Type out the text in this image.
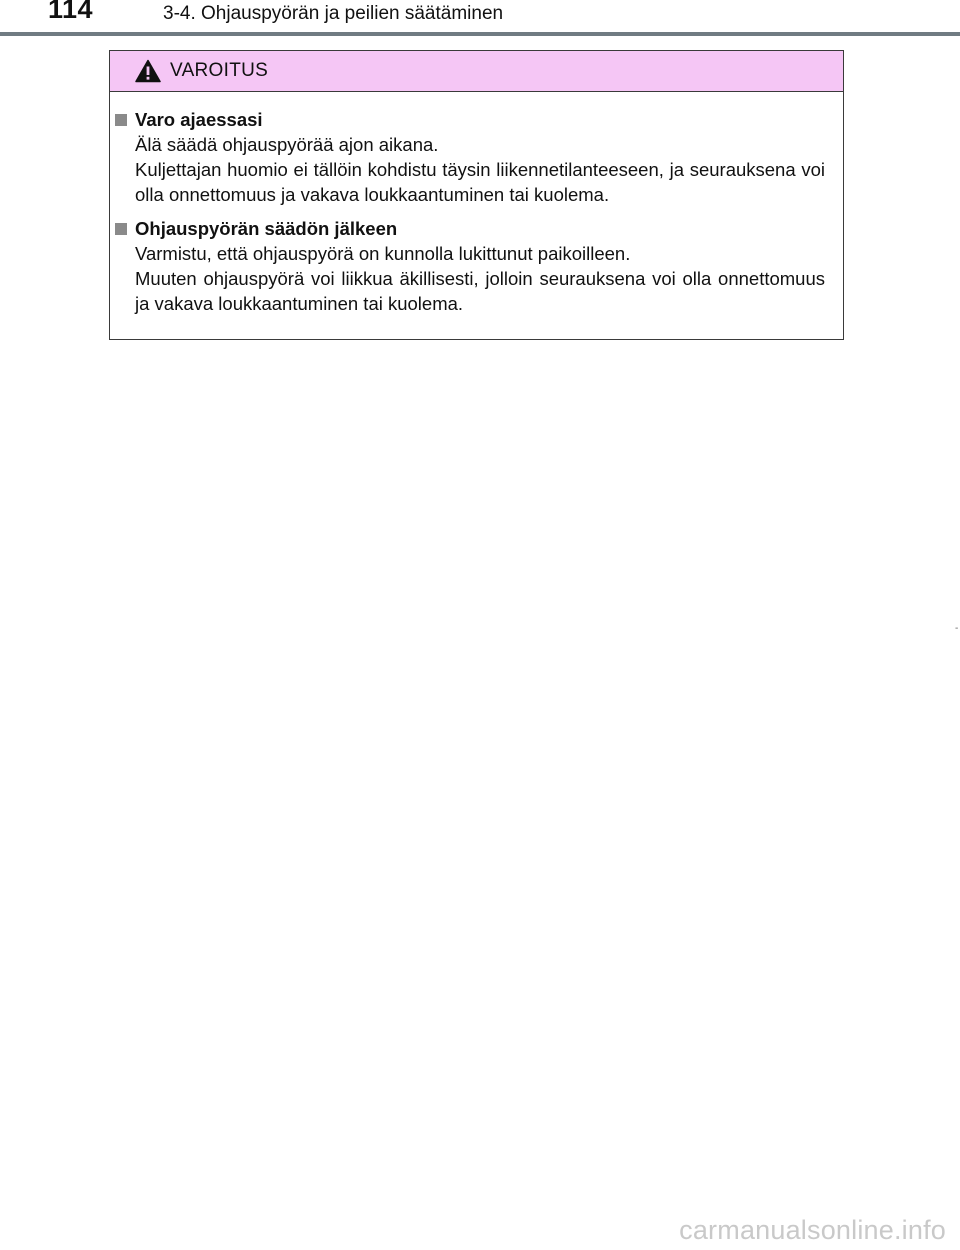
114	3-4. Ohjauspyörän ja peilien säätäminen
VAROITUS
Varo ajaessasi

Älä säädä ohjauspyörää ajon aikana.

Kuljettajan huomio ei tällöin kohdistu täysin liikennetilanteeseen, ja seurauksena voi olla onnettomuus ja vakava loukkaantuminen tai kuolema.

Ohjauspyörän säädön jälkeen

Varmistu, että ohjauspyörä on kunnolla lukittunut paikoilleen.

Muuten ohjauspyörä voi liikkua äkillisesti, jolloin seurauksena voi olla onnettomuus ja vakava loukkaantuminen tai kuolema.

-
carmanualsonline.info
